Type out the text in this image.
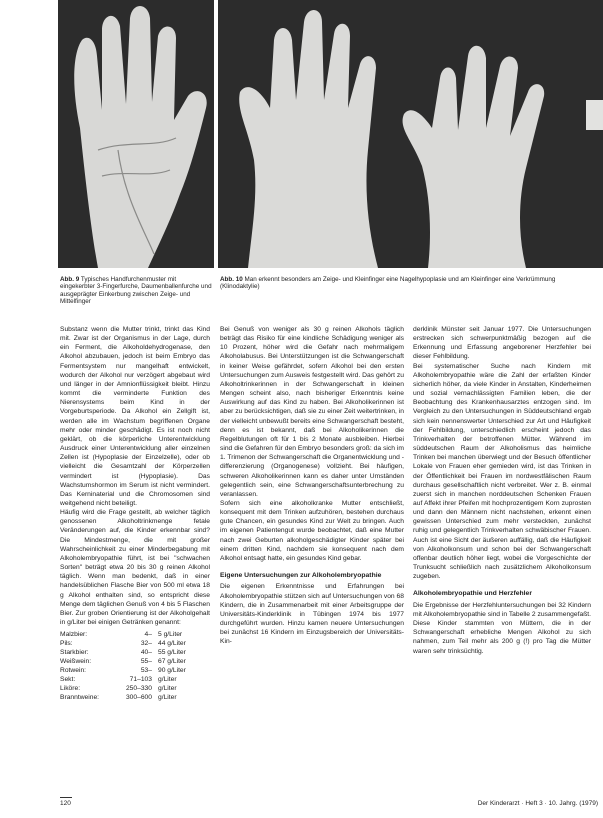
Abb. 9 Typisches Handfurchenmuster mit eingekerbter 3-Fingerfurche, Daumenballenfurche und ausgeprägter Einkerbung zwischen Zeige- und Mittelfinger
Abb. 10 Man erkennt besonders am Zeige- und Kleinfinger eine Nagelhypoplasie und am Kleinfinger eine Verkrümmung (Klinodaktylie)

Substanz wenn die Mutter trinkt, trinkt das Kind mit. Zwar ist der Organismus in der Lage, durch ein Ferment, die Alkoholdehydrogenase, den Alkohol abzubauen, jedoch ist beim Embryo das Fermentsystem nur mangelhaft entwickelt, wodurch der Alkohol nur verzögert abgebaut wird und länger in der Amnionflüssigkeit bleibt. Hinzu kommt die verminderte Funktion des Nierensystems beim Kind in der Vorgeburtsperiode. Da Alkohol ein Zellgift ist, werden alle im Wachstum begriffenen Organe mehr oder minder geschädigt. Es ist noch nicht geklärt, ob die körperliche Unterentwicklung Ausdruck einer Unterentwicklung aller einzelnen Zellen ist (Hypoplasie der Einzelzelle), oder ob vielleicht die Gesamtzahl der Körperzellen vermindert ist (Hypoplasie). Das Wachstumshormon im Serum ist nicht vermindert. Das Kerninaterial und die Chromosomen sind weitgehend nicht beteiligt.

Häufig wird die Frage gestellt, ab welcher täglich genossenen Alkoholtrinkmenge fetale Veränderungen auf, die Kinder erkennbar sind? Die Mindestmenge, die mit großer Wahrscheinlichkeit zu einer Minderbegabung mit Alkoholembryopathie führt, ist bei "schwachen Sorten" beträgt etwa 20 bis 30 g reinen Alkohol täglich. Wenn man bedenkt, daß in einer handelsüblichen Flasche Bier von 500 ml etwa 18 g Alkohol enthalten sind, so entspricht diese Menge dem täglichen Genuß von 4 bis 5 Flaschen Bier. Zur groben Orientierung ist der Alkoholgehalt in g/Liter bei einigen Getränken genannt:

Malzbier:	4–	5 g/Liter
Pils:	32–	44 g/Liter
Starkbier:	40–	55 g/Liter
Weißwein:	55–	67 g/Liter
Rotwein:	53–	90 g/Liter
Sekt:	71–103	g/Liter
Liköre:	250–330	g/Liter
Branntweine:	300–600	g/Liter

Bei Genuß von weniger als 30 g reinen Alkohols täglich beträgt das Risiko für eine kindliche Schädigung weniger als 10 Prozent, höher wird die Gefahr nach mehrmaligem Alkoholabusus. Bei Unterstützungen ist die Schwangerschaft in keiner Weise gefährdet, sofern Alkohol bei den ersten Untersuchungen zum Ausweis festgestellt wird. Das gehört zu Alkoholtrinkerinnen in der Schwangerschaft in kleinen Mengen scheint also, nach bisheriger Erkenntnis keine Auswirkung auf das Kind zu haben. Bei Alkoholikerinnen ist aber zu berücksichtigen, daß sie zu einer Zeit weitertrinken, in der vielleicht unbewußt bereits eine Schwangerschaft besteht, denn es ist bekannt, daß bei Alkoholikerinnen die Regelblutungen oft für 1 bis 2 Monate ausbleiben. Hierbei sind die Gefahren für den Embryo besonders groß: da sich im 1. Trimenon der Schwangerschaft die Organentwicklung und -differenzierung (Organogenese) vollzieht. Bei häufigen, schweren Alkoholikerinnen kann es daher unter Umständen gelegentlich sein, eine Schwangerschaftsunterbrechung zu veranlassen.

Sofern sich eine alkoholkranke Mutter entschließt, konsequent mit dem Trinken aufzuhören, bestehen durchaus gute Chancen, ein gesundes Kind zur Welt zu bringen. Auch im eigenen Patientengut wurde beobachtet, daß eine Mutter nach zwei Geburten alkoholgeschädigter Kinder später bei einem dritten Kind, nachdem sie konsequent nach dem Alkohol entsagt hatte, ein gesundes Kind gebar.

Eigene Untersuchungen zur Alkoholembryopathie

Die eigenen Erkenntnisse und Erfahrungen bei Alkoholembryopathie stützen sich auf Untersuchungen von 68 Kindern, die in Zusammenarbeit mit einer Arbeitsgruppe der Universitäts-Kinderklinik in Tübingen 1974 bis 1977 durchgeführt wurden. Hinzu kamen neuere Untersuchungen bei zunächst 16 Kindern im Einzugsbereich der Universitäts-Kin-

derklinik Münster seit Januar 1977. Die Untersuchungen erstrecken sich schwerpunktmäßig bezogen auf die Erkennung und Erfassung angeborener Herzfehler bei dieser Fehlbildung.

Bei systematischer Suche nach Kindern mit Alkoholembryopathie wäre die Zahl der erfaßten Kinder sicherlich höher, da viele Kinder in Anstalten, Kinderheimen und sozial vernachlässigten Familien leben, die der Beobachtung des Krankenhausarztes entzogen sind. Im Vergleich zu den Untersuchungen in Süddeutschland ergab sich kein nennenswerter Unterschied zur Art und Häufigkeit der Fehlbildung, unterschiedlich erscheint jedoch das Trinkverhalten der betroffenen Mütter. Während im süddeutschen Raum der Alkoholismus das heimliche Trinken bei manchen überwiegt und der Besuch öffentlicher Lokale von Frauen eher gemieden wird, ist das Trinken in der Öffentlichkeit bei Frauen im nordwestfälischen Raum durchaus gesellschaftlich nicht verbreitet. Wer z. B. einmal zuerst sich in manchen norddeutschen Schenken Frauen auf Affekt ihrer Pfeifen mit hochprozentigem Korn zuprosten und dann den Männern nicht nachstehen, erkennt einen gewissen Unterschied zum mehr versteckten, zunächst ruhig und gelegentlich Trinkverhalten schwäbischer Frauen. Auch ist eine Sicht der äußeren auffällig, daß die Häufigkeit von Alkoholkonsum und schon bei der Schwangerschaft offenbar deutlich höher liegt, wobei die Vorgeschichte der Trunksucht schließlich nach zusätzlichem Alkoholkonsum zugeben.

Alkoholembryopathie und Herzfehler

Die Ergebnisse der Herzfehluntersuchungen bei 32 Kindern mit Alkoholembryopathie sind in Tabelle 2 zusammengefaßt. Diese Kinder stammten von Müttern, die in der Schwangerschaft erhebliche Mengen Alkohol zu sich nahmen, zum Teil mehr als 200 g (!) pro Tag die Mütter waren sehr trinksüchtig.

120	Der Kinderarzt · Heft 3 · 10. Jahrg. (1979)
